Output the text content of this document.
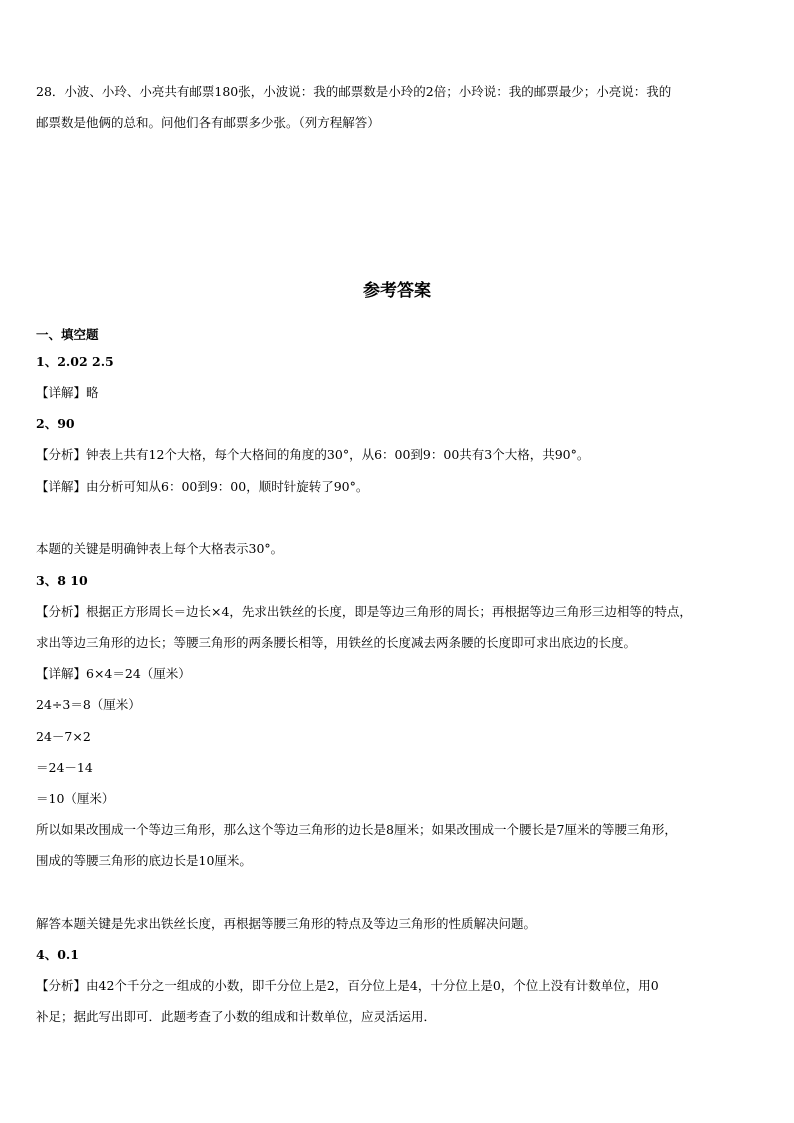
28．小波、小玲、小亮共有邮票180张，小波说：我的邮票数是小玲的2倍；小玲说：我的邮票最少；小亮说：我的
邮票数是他俩的总和。问他们各有邮票多少张。（列方程解答）
参考答案
一、填空题
1、2.02 2.5
【详解】略
2、90
【分析】钟表上共有12个大格，每个大格间的角度的30°，从6：00到9：00共有3个大格，共90°。
【详解】由分析可知从6：00到9：00，顺时针旋转了90°。
本题的关键是明确钟表上每个大格表示30°。
3、8 10
【分析】根据正方形周长＝边长×4，先求出铁丝的长度，即是等边三角形的周长；再根据等边三角形三边相等的特点，
求出等边三角形的边长；等腰三角形的两条腰长相等，用铁丝的长度减去两条腰的长度即可求出底边的长度。
【详解】6×4＝24（厘米）
24÷3＝8（厘米）
24－7×2
＝24－14
＝10（厘米）
所以如果改围成一个等边三角形，那么这个等边三角形的边长是8厘米；如果改围成一个腰长是7厘米的等腰三角形，
围成的等腰三角形的底边长是10厘米。
解答本题关键是先求出铁丝长度，再根据等腰三角形的特点及等边三角形的性质解决问题。
4、0.1
【分析】由42个千分之一组成的小数，即千分位上是2，百分位上是4，十分位上是0，个位上没有计数单位，用0
补足；据此写出即可．此题考查了小数的组成和计数单位，应灵活运用．
